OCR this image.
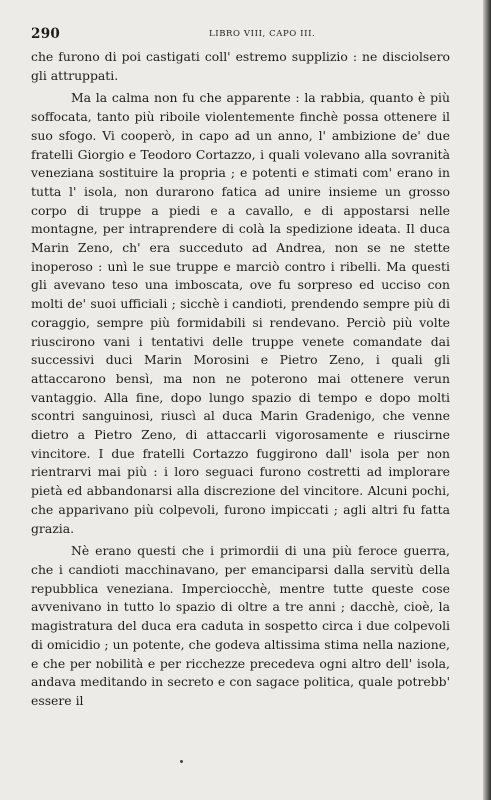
290	LIBRO VIII, CAPO III.

che furono di poi castigati coll' estremo supplizio : ne disciolsero gli attruppati.

Ma la calma non fu che apparente : la rabbia, quanto è più soffocata, tanto più riboile violentemente finchè possa ottenere il suo sfogo. Vi cooperò, in capo ad un anno, l' ambizione de' due fratelli Giorgio e Teodoro Cortazzo, i quali volevano alla sovranità veneziana sostituire la propria ; e potenti e stimati com' erano in tutta l' isola, non durarono fatica ad unire insieme un grosso corpo di truppe a piedi e a cavallo, e di appostarsi nelle montagne, per intraprendere di colà la spedizione ideata. Il duca Marin Zeno, ch' era succeduto ad Andrea, non se ne stette inoperoso : unì le sue truppe e marciò contro i ribelli. Ma questi gli avevano teso una imboscata, ove fu sorpreso ed ucciso con molti de' suoi ufficiali ; sicchè i candioti, prendendo sempre più di coraggio, sempre più formidabili si rendevano. Perciò più volte riuscirono vani i tentativi delle truppe venete comandate dai successivi duci Marin Morosini e Pietro Zeno, i quali gli attaccarono bensì, ma non ne poterono mai ottenere verun vantaggio. Alla fine, dopo lungo spazio di tempo e dopo molti scontri sanguinosi, riuscì al duca Marin Gradenigo, che venne dietro a Pietro Zeno, di attaccarli vigorosamente e riuscirne vincitore. I due fratelli Cortazzo fuggirono dall' isola per non rientrarvi mai più : i loro seguaci furono costretti ad implorare pietà ed abbandonarsi alla discrezione del vincitore. Alcuni pochi, che apparivano più colpevoli, furono impiccati ; agli altri fu fatta grazia.

Nè erano questi che i primordii di una più feroce guerra, che i candioti macchinavano, per emanciparsi dalla servitù della repubblica veneziana. Imperciocchè, mentre tutte queste cose avvenivano in tutto lo spazio di oltre a tre anni ; dacchè, cioè, la magistratura del duca era caduta in sospetto circa i due colpevoli di omicidio ; un potente, che godeva altissima stima nella nazione, e che per nobilità e per ricchezze precedeva ogni altro dell' isola, andava meditando in secreto e con sagace politica, quale potrebb' essere il
